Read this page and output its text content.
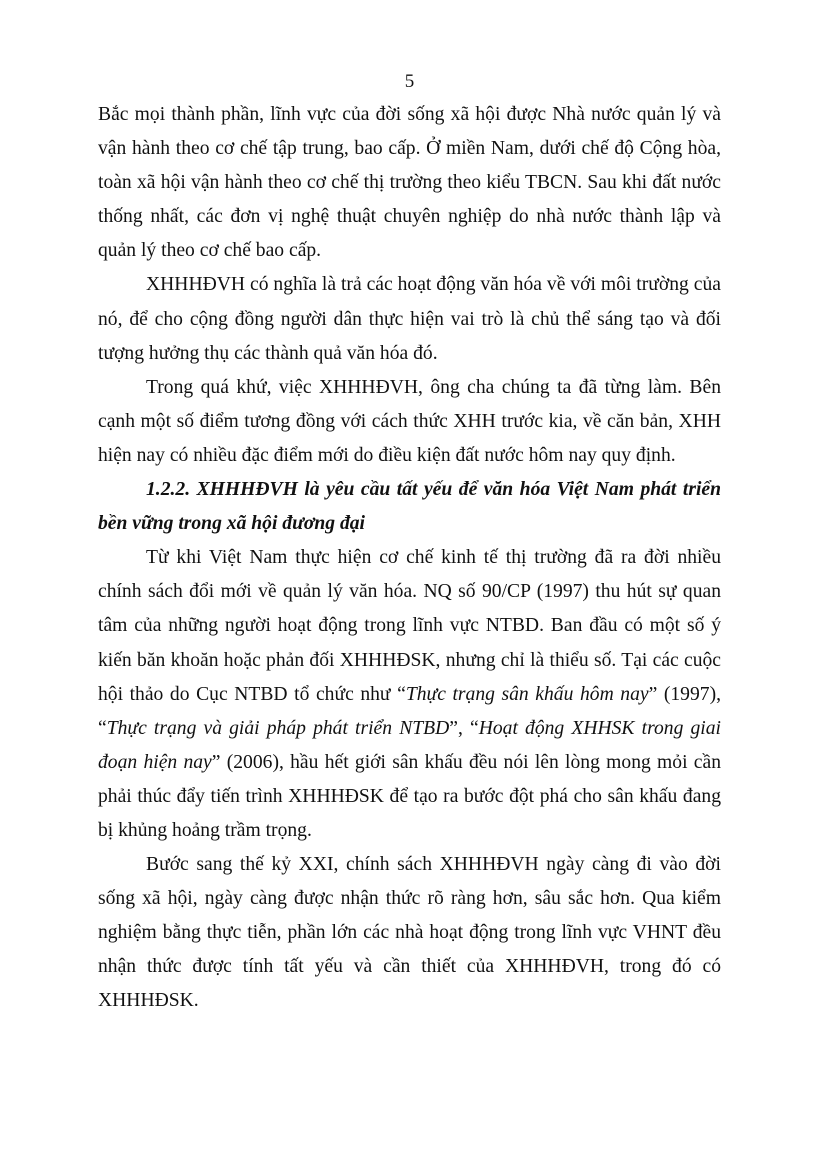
5

Bắc mọi thành phần, lĩnh vực của đời sống xã hội được Nhà nước quản lý và vận hành theo cơ chế tập trung, bao cấp. Ở miền Nam, dưới chế độ Cộng hòa, toàn xã hội vận hành theo cơ chế thị trường theo kiểu TBCN. Sau khi đất nước thống nhất, các đơn vị nghệ thuật chuyên nghiệp do nhà nước thành lập và quản lý theo cơ chế bao cấp.

XHHHĐVH có nghĩa là trả các hoạt động văn hóa về với môi trường của nó, để cho cộng đồng người dân thực hiện vai trò là chủ thể sáng tạo và đối tượng hưởng thụ các thành quả văn hóa đó.

Trong quá khứ, việc XHHHĐVH, ông cha chúng ta đã từng làm. Bên cạnh một số điểm tương đồng với cách thức XHH trước kia, về căn bản, XHH hiện nay có nhiều đặc điểm mới do điều kiện đất nước hôm nay quy định.

1.2.2. XHHHĐVH là yêu cầu tất yếu để văn hóa Việt Nam phát triển bền vững trong xã hội đương đại

Từ khi Việt Nam thực hiện cơ chế kinh tế thị trường đã ra đời nhiều chính sách đổi mới về quản lý văn hóa. NQ số 90/CP (1997) thu hút sự quan tâm của những người hoạt động trong lĩnh vực NTBD. Ban đầu có một số ý kiến băn khoăn hoặc phản đối XHHHĐSK, nhưng chỉ là thiểu số. Tại các cuộc hội thảo do Cục NTBD tổ chức như “Thực trạng sân khấu hôm nay” (1997), “Thực trạng và giải pháp phát triển NTBD”, “Hoạt động XHHSK trong giai đoạn hiện nay” (2006), hầu hết giới sân khấu đều nói lên lòng mong mỏi cần phải thúc đẩy tiến trình XHHHĐSK để tạo ra bước đột phá cho sân khấu đang bị khủng hoảng trầm trọng.

Bước sang thế kỷ XXI, chính sách XHHHĐVH ngày càng đi vào đời sống xã hội, ngày càng được nhận thức rõ ràng hơn, sâu sắc hơn. Qua kiểm nghiệm bằng thực tiễn, phần lớn các nhà hoạt động trong lĩnh vực VHNT đều nhận thức được tính tất yếu và cần thiết của XHHHĐVH, trong đó có XHHHĐSK.
